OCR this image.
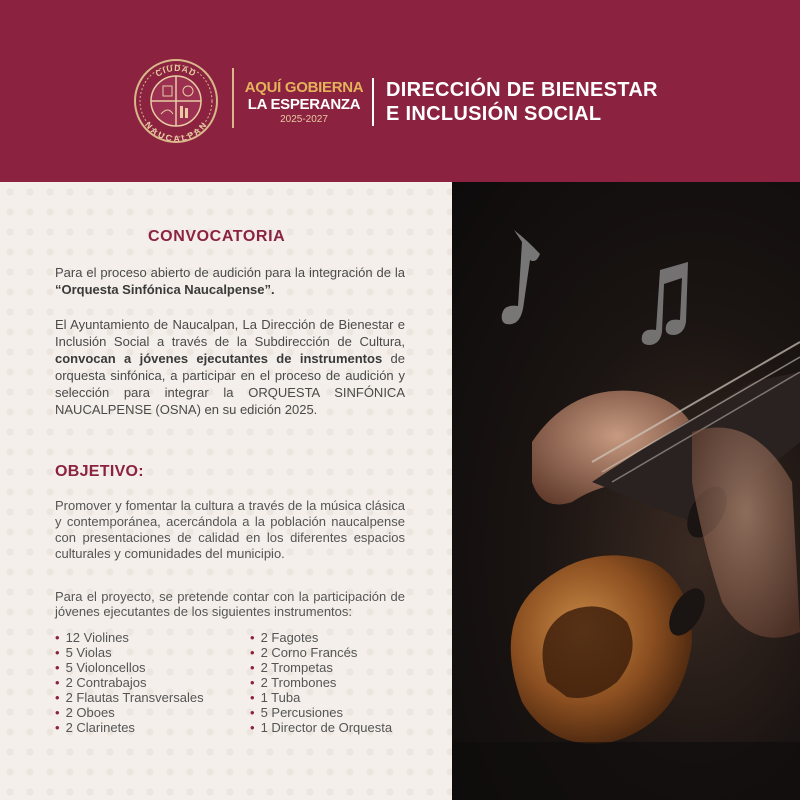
CIUDAD
NAUCALPAN
AQUÍ GOBIERNA
LA ESPERANZA
2025-2027
DIRECCIÓN DE BIENESTAR
E INCLUSIÓN SOCIAL
CONVOCATORIA
Para el proceso abierto de audición para la integración de la “Orquesta Sinfónica Naucalpense”.
El Ayuntamiento de Naucalpan, La Dirección de Bienestar e Inclusión Social a través de la Subdirección de Cultura, convocan a jóvenes ejecutantes de instrumentos de orquesta sinfónica, a participar en el proceso de audición y selección para integrar la ORQUESTA SINFÓNICA NAUCALPENSE (OSNA) en su edición 2025.
OBJETIVO:
Promover y fomentar la cultura a través de la música clásica y contemporánea, acercándola a la población naucalpense con presentaciones de calidad en los diferentes espacios culturales y comunidades del municipio.
Para el proyecto, se pretende contar con la participación de jóvenes ejecutantes de los siguientes instrumentos:
• 12 Violines
• 5 Violas
• 5 Violoncellos
• 2 Contrabajos
• 2 Flautas Transversales
• 2 Oboes
• 2 Clarinetes
• 2 Fagotes
• 2 Corno Francés
• 2 Trompetas
• 2 Trombones
• 1 Tuba
• 5 Percusiones
• 1 Director de Orquesta
